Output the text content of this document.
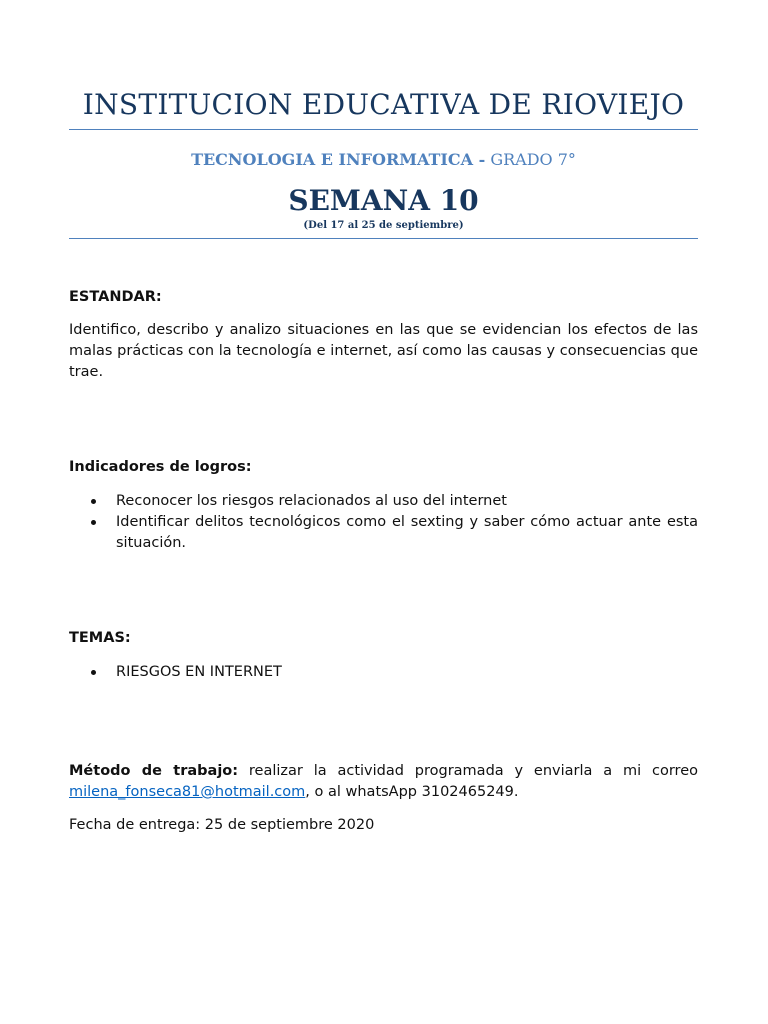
INSTITUCION EDUCATIVA DE RIOVIEJO
TECNOLOGIA E INFORMATICA - GRADO 7°
SEMANA 10
(Del 17 al 25 de septiembre)
ESTANDAR:
Identifico, describo y analizo situaciones en las que se evidencian los efectos de las malas prácticas con la tecnología e internet, así como las causas y consecuencias que trae.
Indicadores de logros:
Reconocer los riesgos relacionados al uso del internet
Identificar delitos tecnológicos como el sexting y saber cómo actuar ante esta situación.
TEMAS:
RIESGOS EN INTERNET
Método de trabajo: realizar la actividad programada y enviarla a mi correo milena_fonseca81@hotmail.com, o al whatsApp 3102465249.
Fecha de entrega: 25 de septiembre 2020
